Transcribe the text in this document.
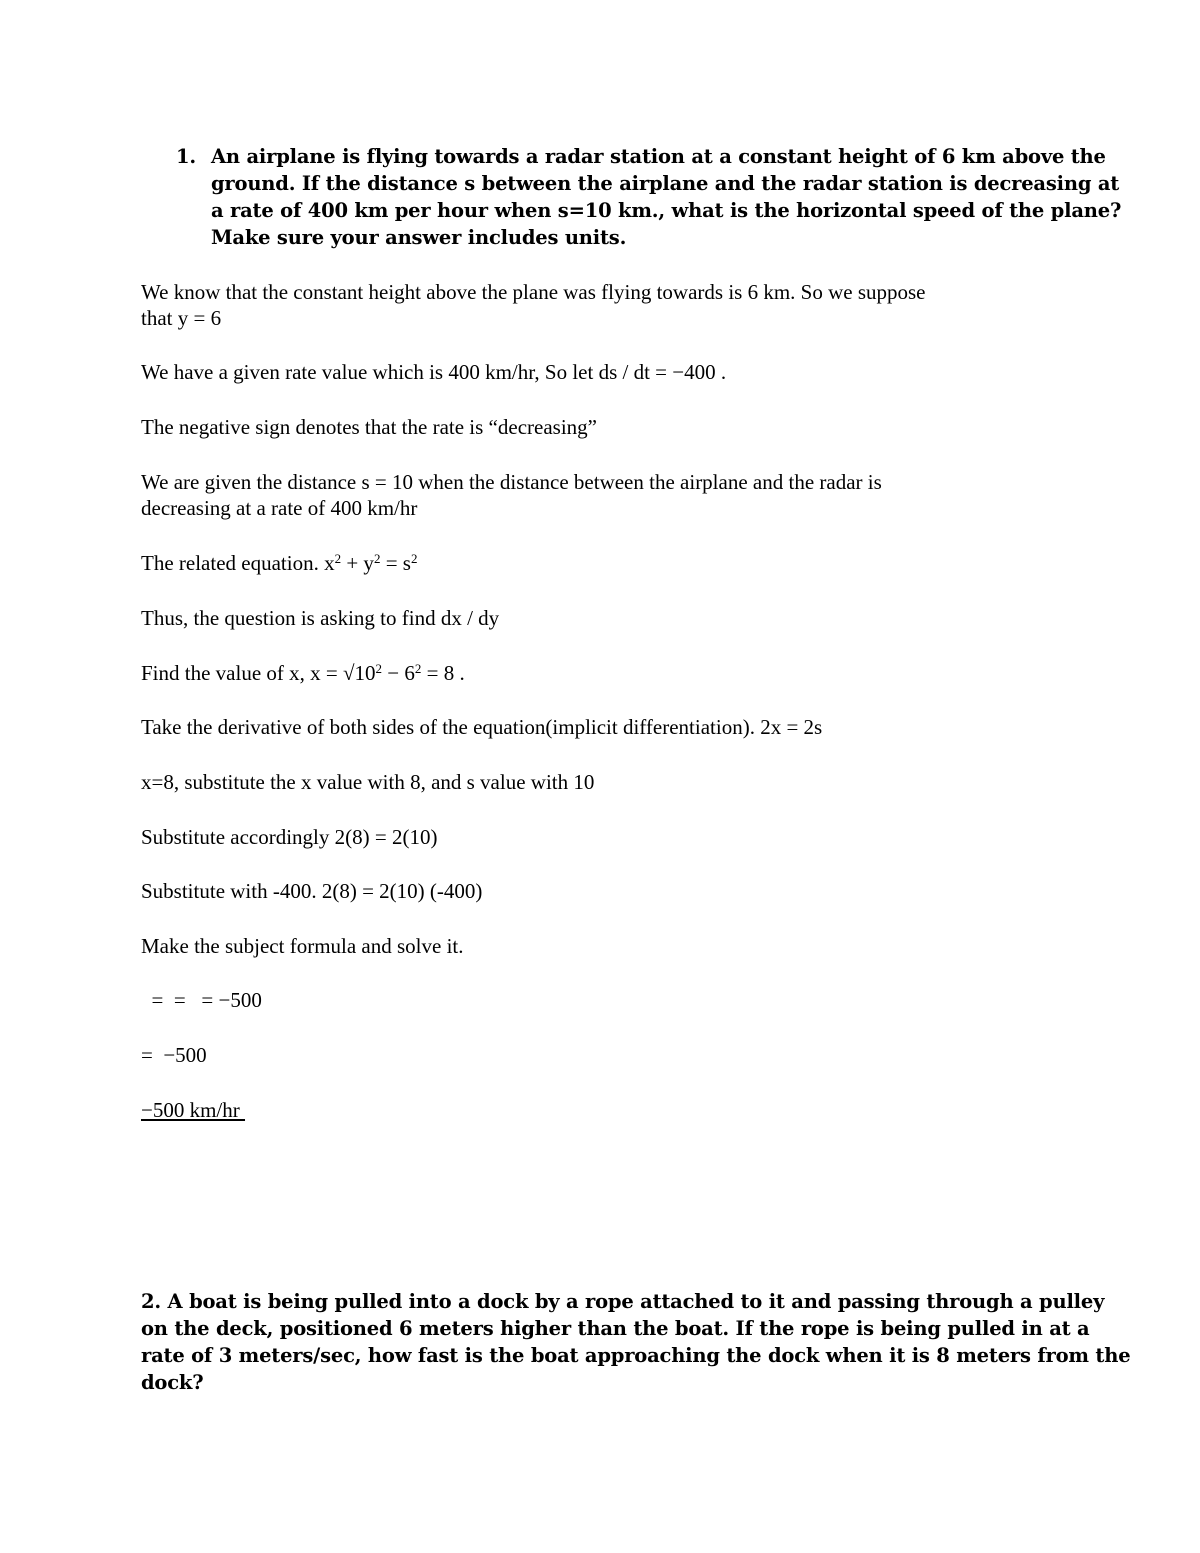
1. An airplane is flying towards a radar station at a constant height of 6 km above the
ground. If the distance s between the airplane and the radar station is decreasing at
a rate of 400 km per hour when s=10 km., what is the horizontal speed of the plane?
Make sure your answer includes units.
We know that the constant height above the plane was flying towards is 6 km. So we suppose
that y = 6
We have a given rate value which is 400 km/hr, So let ds / dt = −400 .
The negative sign denotes that the rate is “decreasing”
We are given the distance s = 10 when the distance between the airplane and the radar is
decreasing at a rate of 400 km/hr
The related equation. $x^2 + y^2 = s^2$
Thus, the question is asking to find dx / dy
Find the value of x, $x = √10^2 - 6^2 = 8$ .
Take the derivative of both sides of the equation(implicit differentiation). 2x = 2s
x=8, substitute the x value with 8, and s value with 10
Substitute accordingly 2(8) = 2(10)
Substitute with -400. 2(8) = 2(10) (-400)
Make the subject formula and solve it.
=  =   = −500
=  −500
−500 km/hr
2. A boat is being pulled into a dock by a rope attached to it and passing through a pulley
on the deck, positioned 6 meters higher than the boat. If the rope is being pulled in at a
rate of 3 meters/sec, how fast is the boat approaching the dock when it is 8 meters from the
dock?
